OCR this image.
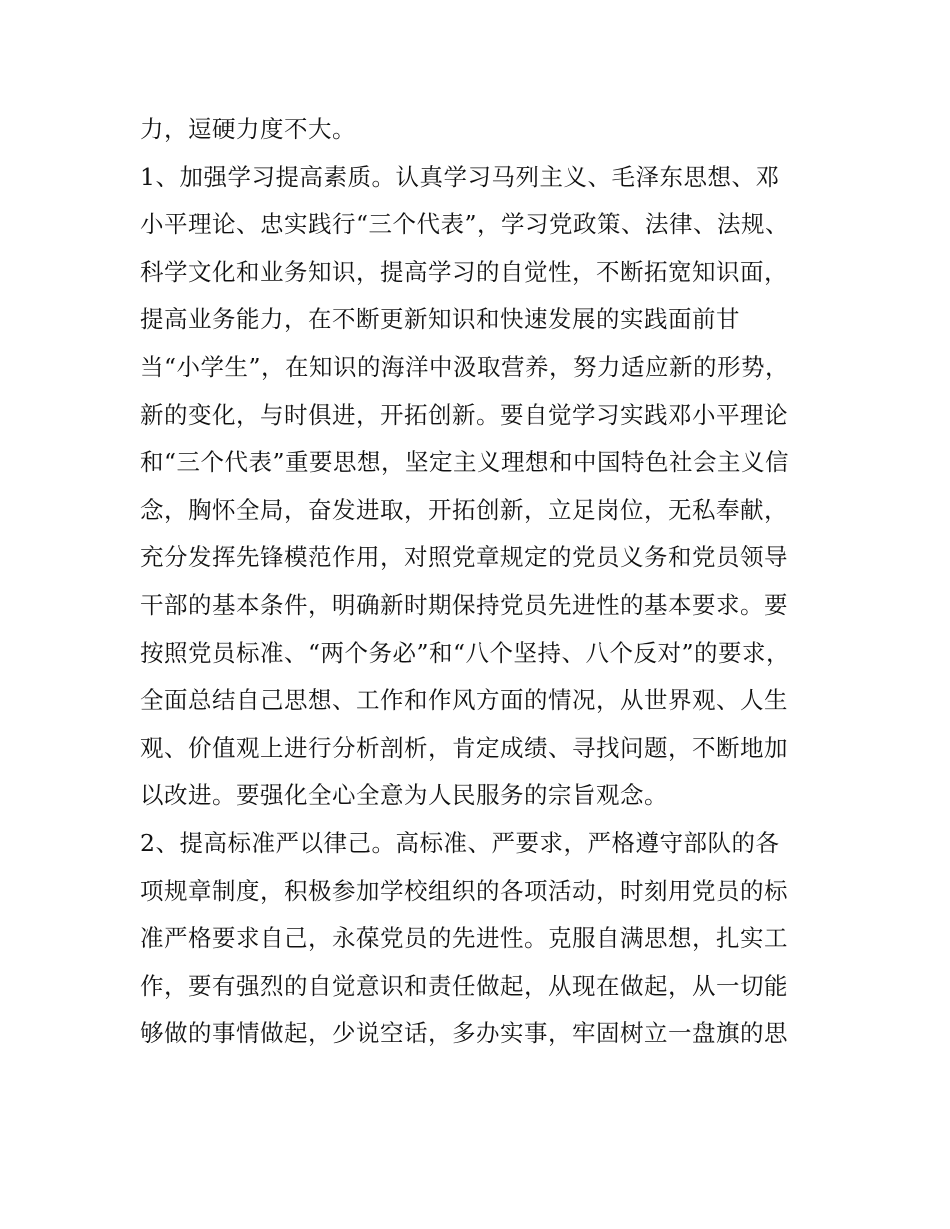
力，逗硬力度不大。
1、加强学习提高素质。认真学习马列主义、毛泽东思想、邓
小平理论、忠实践行“三个代表”，学习党政策、法律、法规、
科学文化和业务知识，提高学习的自觉性，不断拓宽知识面，
提高业务能力，在不断更新知识和快速发展的实践面前甘
当“小学生”，在知识的海洋中汲取营养，努力适应新的形势，
新的变化，与时俱进，开拓创新。要自觉学习实践邓小平理论
和“三个代表”重要思想，坚定主义理想和中国特色社会主义信
念，胸怀全局，奋发进取，开拓创新，立足岗位，无私奉献，
充分发挥先锋模范作用，对照党章规定的党员义务和党员领导
干部的基本条件，明确新时期保持党员先进性的基本要求。要
按照党员标准、“两个务必”和“八个坚持、八个反对”的要求，
全面总结自己思想、工作和作风方面的情况，从世界观、人生
观、价值观上进行分析剖析，肯定成绩、寻找问题，不断地加
以改进。要强化全心全意为人民服务的宗旨观念。
2、提高标准严以律己。高标准、严要求，严格遵守部队的各
项规章制度，积极参加学校组织的各项活动，时刻用党员的标
准严格要求自己，永葆党员的先进性。克服自满思想，扎实工
作，要有强烈的自觉意识和责任做起，从现在做起，从一切能
够做的事情做起，少说空话，多办实事，牢固树立一盘旗的思
